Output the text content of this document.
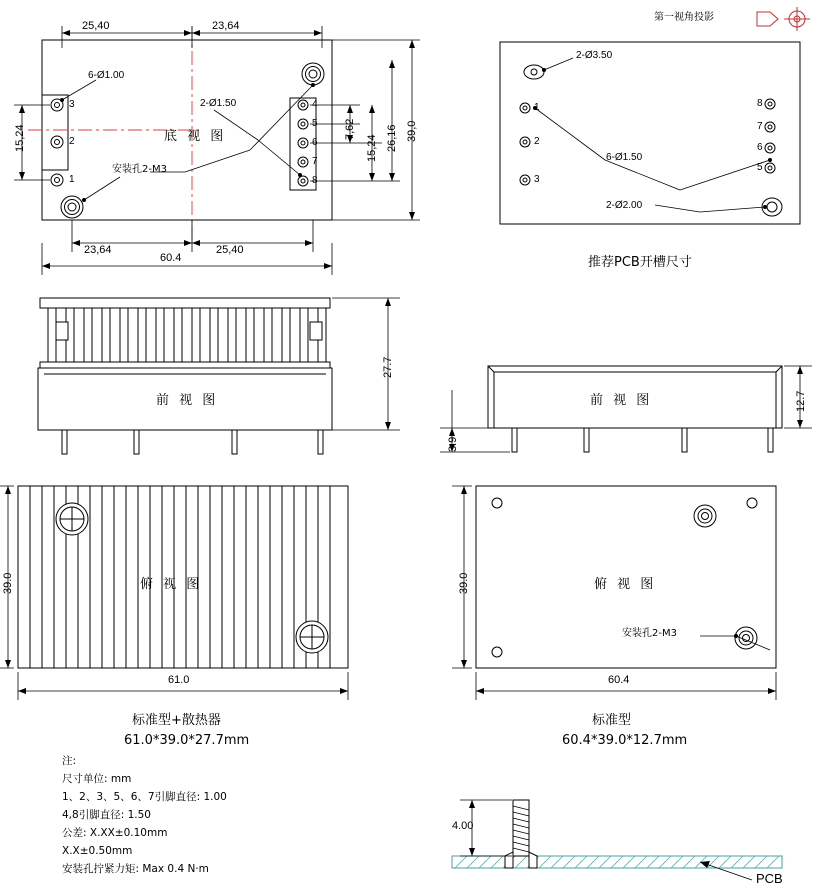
第一视角投影
25,40	23,64
23,64	25,40
60.4
15,24	7,62
15,24 26,16 39,0
6-Ø1.00
2-Ø1.50
安装孔2-M3
底 视 图
3
2
1
4
5
6
7
8
2-Ø3.50
6-Ø1.50
2-Ø2.00
推荐PCB开槽尺寸
1
2
3
8
7
6
5
前 视 图
27.7
前 视 图	12.7
3.9
俯 视 图
39.0
61.0
俯 视 图
39.0
60.4
安装孔2-M3
标准型+散热器
61.0*39.0*27.7mm
标准型
60.4*39.0*12.7mm
注:
尺寸单位: mm
1、2、3、5、6、7引脚直径: 1.00
4,8引脚直径: 1.50
公差: X.XX±0.10mm
X.X±0.50mm
安装孔拧紧力矩: Max 0.4 N·m
4.00
PCB
